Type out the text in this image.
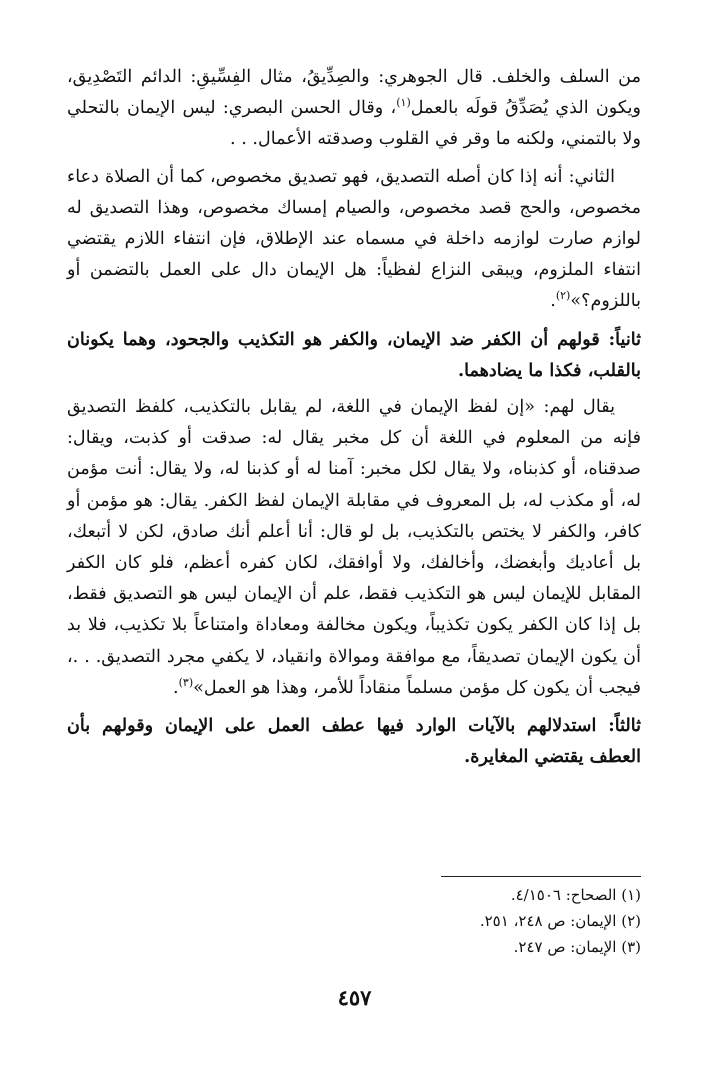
من السلف والخلف. قال الجوهري: والصِدِّيقُ، مثال الفِسِّيقِ: الدائم التَصْدِيق، ويكون الذي يُصَدِّقُ قولَه بالعمل$^{(١)}$، وقال الحسن البصري: ليس الإيمان بالتحلي ولا بالتمني، ولكنه ما وقر في القلوب وصدقته الأعمال. . .

الثاني: أنه إذا كان أصله التصديق، فهو تصديق مخصوص، كما أن الصلاة دعاء مخصوص، والحج قصد مخصوص، والصيام إمساك مخصوص، وهذا التصديق له لوازم صارت لوازمه داخلة في مسماه عند الإطلاق، فإن انتفاء اللازم يقتضي انتفاء الملزوم، ويبقى النزاع لفظياً: هل الإيمان دال على العمل بالتضمن أو باللزوم؟»$^{(٢)}$.

ثانياً: قولهم أن الكفر ضد الإيمان، والكفر هو التكذيب والجحود، وهما يكونان بالقلب، فكذا ما يضادهما.

يقال لهم: «إن لفظ الإيمان في اللغة، لم يقابل بالتكذيب، كلفظ التصديق فإنه من المعلوم في اللغة أن كل مخبر يقال له: صدقت أو كذبت، ويقال: صدقناه، أو كذبناه، ولا يقال لكل مخبر: آمنا له أو كذبنا له، ولا يقال: أنت مؤمن له، أو مكذب له، بل المعروف في مقابلة الإيمان لفظ الكفر. يقال: هو مؤمن أو كافر، والكفر لا يختص بالتكذيب، بل لو قال: أنا أعلم أنك صادق، لكن لا أتبعك، بل أعاديك وأبغضك، وأخالفك، ولا أوافقك، لكان كفره أعظم، فلو كان الكفر المقابل للإيمان ليس هو التكذيب فقط، علم أن الإيمان ليس هو التصديق فقط، بل إذا كان الكفر يكون تكذيباً، ويكون مخالفة ومعاداة وامتناعاً بلا تكذيب، فلا بد أن يكون الإيمان تصديقاً، مع موافقة وموالاة وانقياد، لا يكفي مجرد التصديق. . .، فيجب أن يكون كل مؤمن مسلماً منقاداً للأمر، وهذا هو العمل»$^{(٣)}$.

ثالثاً: استدلالهم بالآيات الوارد فيها عطف العمل على الإيمان وقولهم بأن العطف يقتضي المغايرة.

(١) الصحاح: ٤/١٥٠٦.
(٢) الإيمان: ص ٢٤٨، ٢٥١.
(٣) الإيمان: ص ٢٤٧.
٤٥٧
